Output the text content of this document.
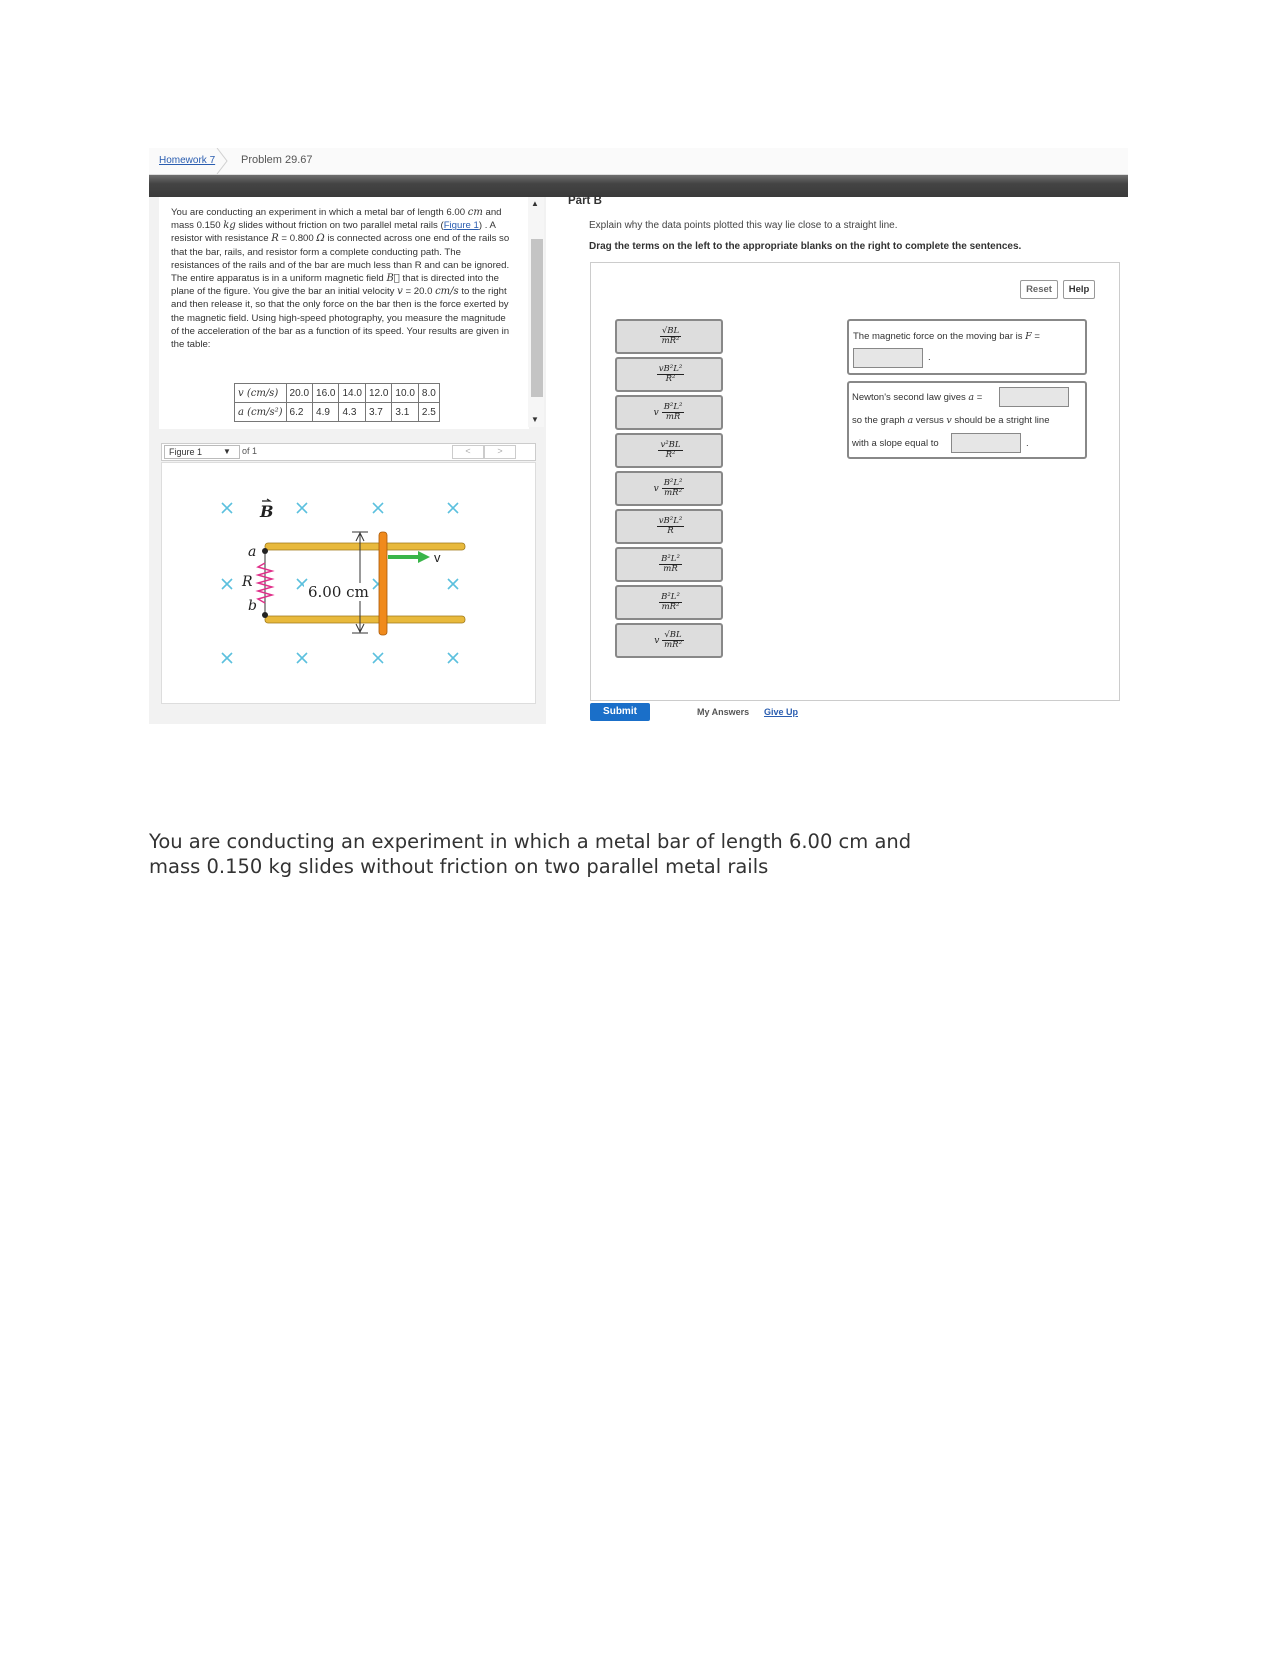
Homework 7 Problem 29.67
You are conducting an experiment in which a metal bar of length 6.00 cm and mass 0.150 kg slides without friction on two parallel metal rails (Figure 1) . A resistor with resistance R = 0.800 Ω is connected across one end of the rails so that the bar, rails, and resistor form a complete conducting path. The resistances of the rails and of the bar are much less than R and can be ignored. The entire apparatus is in a uniform magnetic field B⃗ that is directed into the plane of the figure. You give the bar an initial velocity v = 20.0 cm/s to the right and then release it, so that the only force on the bar then is the force exerted by the magnetic field. Using high-speed photography, you measure the magnitude of the acceleration of the bar as a function of its speed. Your results are given in the table:
v (cm/s)	20.0	16.0	14.0	12.0	10.0	8.0
a (cm/s²)	6.2	4.9	4.3	3.7	3.1	2.5
▲
▼
Figure 1	▼ of 1	<	>
B
a
R
b
6.00 cm
v
Part B
Explain why the data points plotted this way lie close to a straight line.
Drag the terms on the left to the appropriate blanks on the right to complete the sentences.
Reset	Help
$\frac{√BL}{\text{mR²}}$
$\frac{\text{vB²L²}}{\text{R²}}$
v $\frac{\text{B²L²}}{mR}$
$\frac{\text{v²BL}}{\text{R²}}$
v $\frac{\text{B²L²}}{\text{mR²}}$
$\frac{\text{vB²L²}}{R}$
$\frac{\text{B²L²}}{mR}$
$\frac{\text{B²L²}}{\text{mR²}}$
v $\frac{√BL}{\text{mR²}}$
The magnetic force on the moving bar is F =
.
Newton's second law gives a =
so the graph a versus v should be a stright line
with a slope equal to	.
Submit	My Answers Give Up
You are conducting an experiment in which a metal bar of length 6.00 cm and mass 0.150 kg slides without friction on two parallel metal rails
